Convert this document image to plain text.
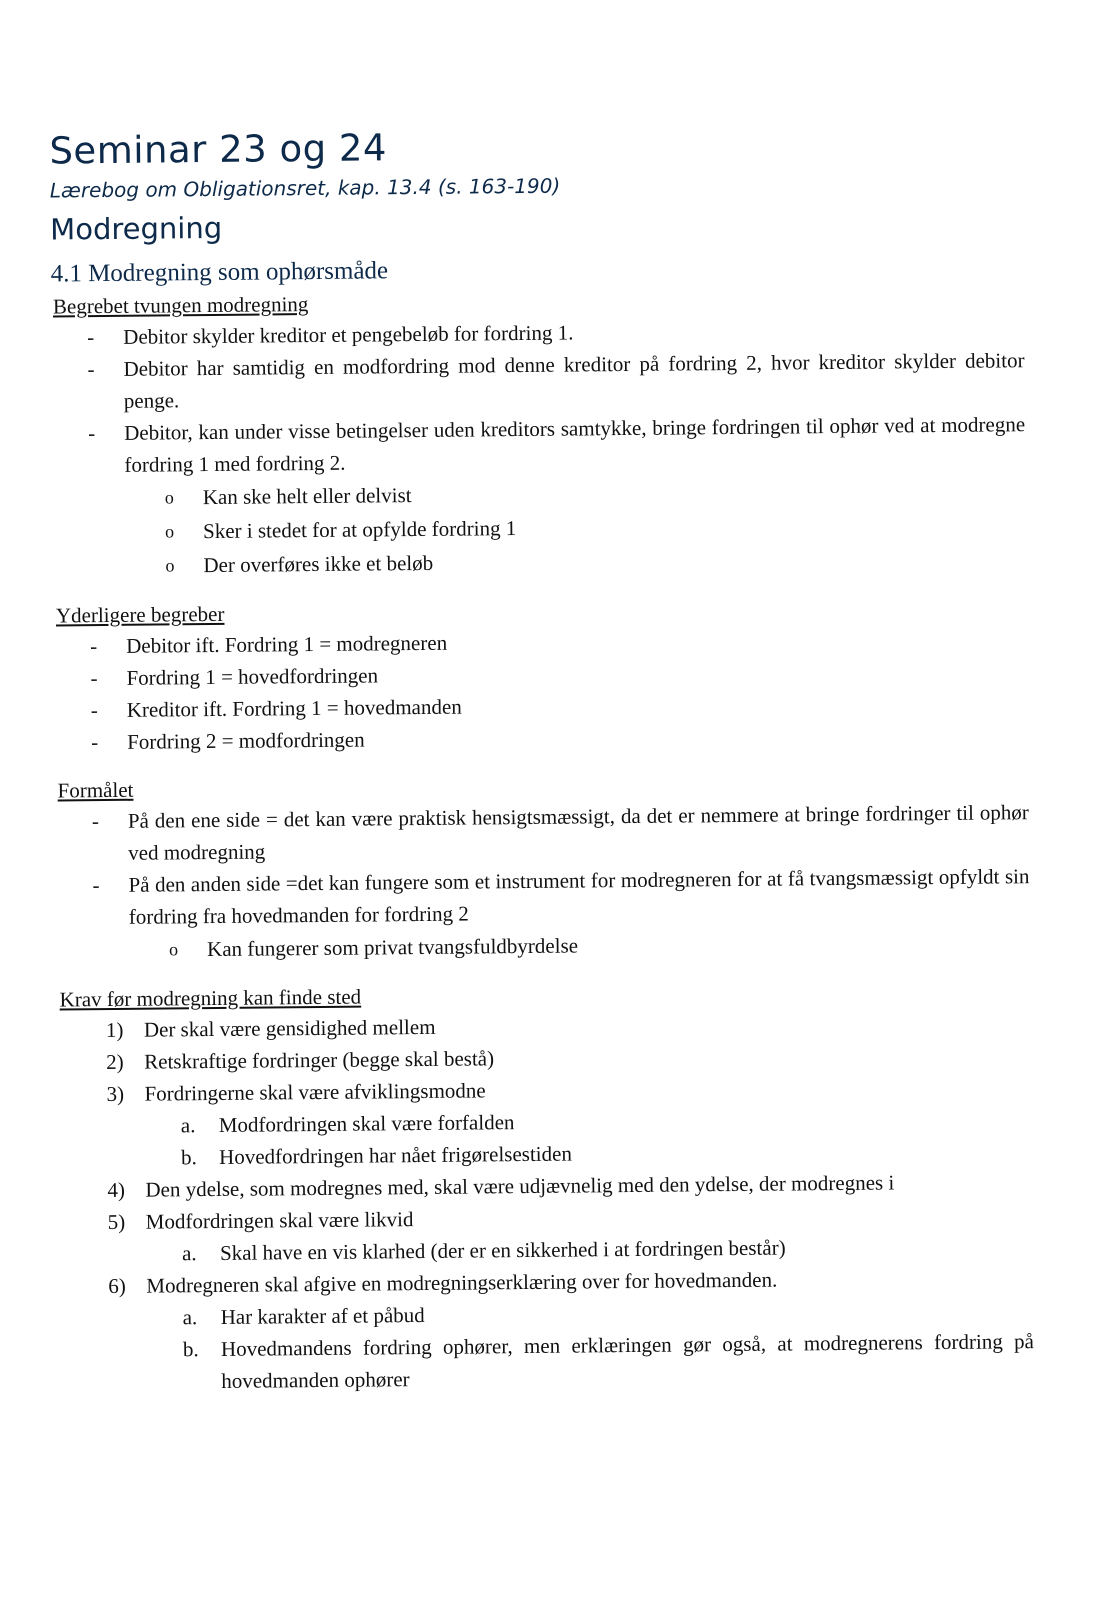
Seminar 23 og 24
Lærebog om Obligationsret, kap. 13.4 (s. 163-190)
Modregning
4.1 Modregning som ophørsmåde
Begrebet tvungen modregning
- Debitor skylder kreditor et pengebeløb for fordring 1.
- Debitor har samtidig en modfordring mod denne kreditor på fordring 2, hvor kreditor skylder debitor penge.
- Debitor, kan under visse betingelser uden kreditors samtykke, bringe fordringen til ophør ved at modregne fordring 1 med fordring 2.
o Kan ske helt eller delvist
o Sker i stedet for at opfylde fordring 1
o Der overføres ikke et beløb
Yderligere begreber
- Debitor ift. Fordring 1 = modregneren
- Fordring 1 = hovedfordringen
- Kreditor ift. Fordring 1 = hovedmanden
- Fordring 2 = modfordringen
Formålet
- På den ene side = det kan være praktisk hensigtsmæssigt, da det er nemmere at bringe fordringer til ophør ved modregning
- På den anden side =det kan fungere som et instrument for modregneren for at få tvangsmæssigt opfyldt sin fordring fra hovedmanden for fordring 2
o Kan fungerer som privat tvangsfuldbyrdelse
Krav før modregning kan finde sted
1) Der skal være gensidighed mellem
2) Retskraftige fordringer (begge skal bestå)
3) Fordringerne skal være afviklingsmodne
a. Modfordringen skal være forfalden
b. Hovedfordringen har nået frigørelsestiden
4) Den ydelse, som modregnes med, skal være udjævnelig med den ydelse, der modregnes i
5) Modfordringen skal være likvid
a. Skal have en vis klarhed (der er en sikkerhed i at fordringen består)
6) Modregneren skal afgive en modregningserklæring over for hovedmanden.
a. Har karakter af et påbud
b. Hovedmandens fordring ophører, men erklæringen gør også, at modregnerens fordring på hovedmanden ophører
